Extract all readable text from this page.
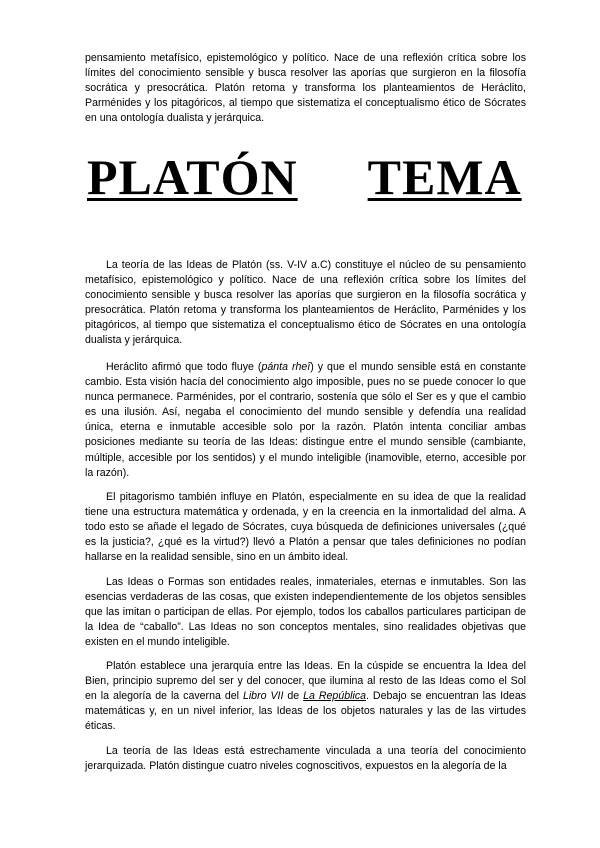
pensamiento metafísico, epistemológico y político. Nace de una reflexión crítica sobre los límites del conocimiento sensible y busca resolver las aporías que surgieron en la filosofía socrática y presocrática. Platón retoma y transforma los planteamientos de Heráclito, Parménides y los pitagóricos, al tiempo que sistematiza el conceptualismo ético de Sócrates en una ontología dualista y jerárquica.

PLATÓN TEMA

La teoría de las Ideas de Platón (ss. V-IV a.C) constituye el núcleo de su pensamiento metafísico, epistemológico y político. Nace de una reflexión crítica sobre los límites del conocimiento sensible y busca resolver las aporías que surgieron en la filosofía socrática y presocrática. Platón retoma y transforma los planteamientos de Heráclito, Parménides y los pitagóricos, al tiempo que sistematiza el conceptualismo ético de Sócrates en una ontología dualista y jerárquica.

Heráclito afirmó que todo fluye (pánta rheî) y que el mundo sensible está en constante cambio. Esta visión hacía del conocimiento algo imposible, pues no se puede conocer lo que nunca permanece. Parménides, por el contrario, sostenía que sólo el Ser es y que el cambio es una ilusión. Así, negaba el conocimiento del mundo sensible y defendía una realidad única, eterna e inmutable accesible solo por la razón. Platón intenta conciliar ambas posiciones mediante su teoría de las Ideas: distingue entre el mundo sensible (cambiante, múltiple, accesible por los sentidos) y el mundo inteligible (inamovible, eterno, accesible por la razón).

El pitagorismo también influye en Platón, especialmente en su idea de que la realidad tiene una estructura matemática y ordenada, y en la creencia en la inmortalidad del alma. A todo esto se añade el legado de Sócrates, cuya búsqueda de definiciones universales (¿qué es la justicia?, ¿qué es la virtud?) llevó a Platón a pensar que tales definiciones no podían hallarse en la realidad sensible, sino en un ámbito ideal.

Las Ideas o Formas son entidades reales, inmateriales, eternas e inmutables. Son las esencias verdaderas de las cosas, que existen independientemente de los objetos sensibles que las imitan o participan de ellas. Por ejemplo, todos los caballos particulares participan de la Idea de “caballo”. Las Ideas no son conceptos mentales, sino realidades objetivas que existen en el mundo inteligible.

Platón establece una jerarquía entre las Ideas. En la cúspide se encuentra la Idea del Bien, principio supremo del ser y del conocer, que ilumina al resto de las Ideas como el Sol en la alegoría de la caverna del Libro VII de La República. Debajo se encuentran las Ideas matemáticas y, en un nivel inferior, las Ideas de los objetos naturales y las de las virtudes éticas.

La teoría de las Ideas está estrechamente vinculada a una teoría del conocimiento jerarquizada. Platón distingue cuatro niveles cognoscitivos, expuestos en la alegoría de la
